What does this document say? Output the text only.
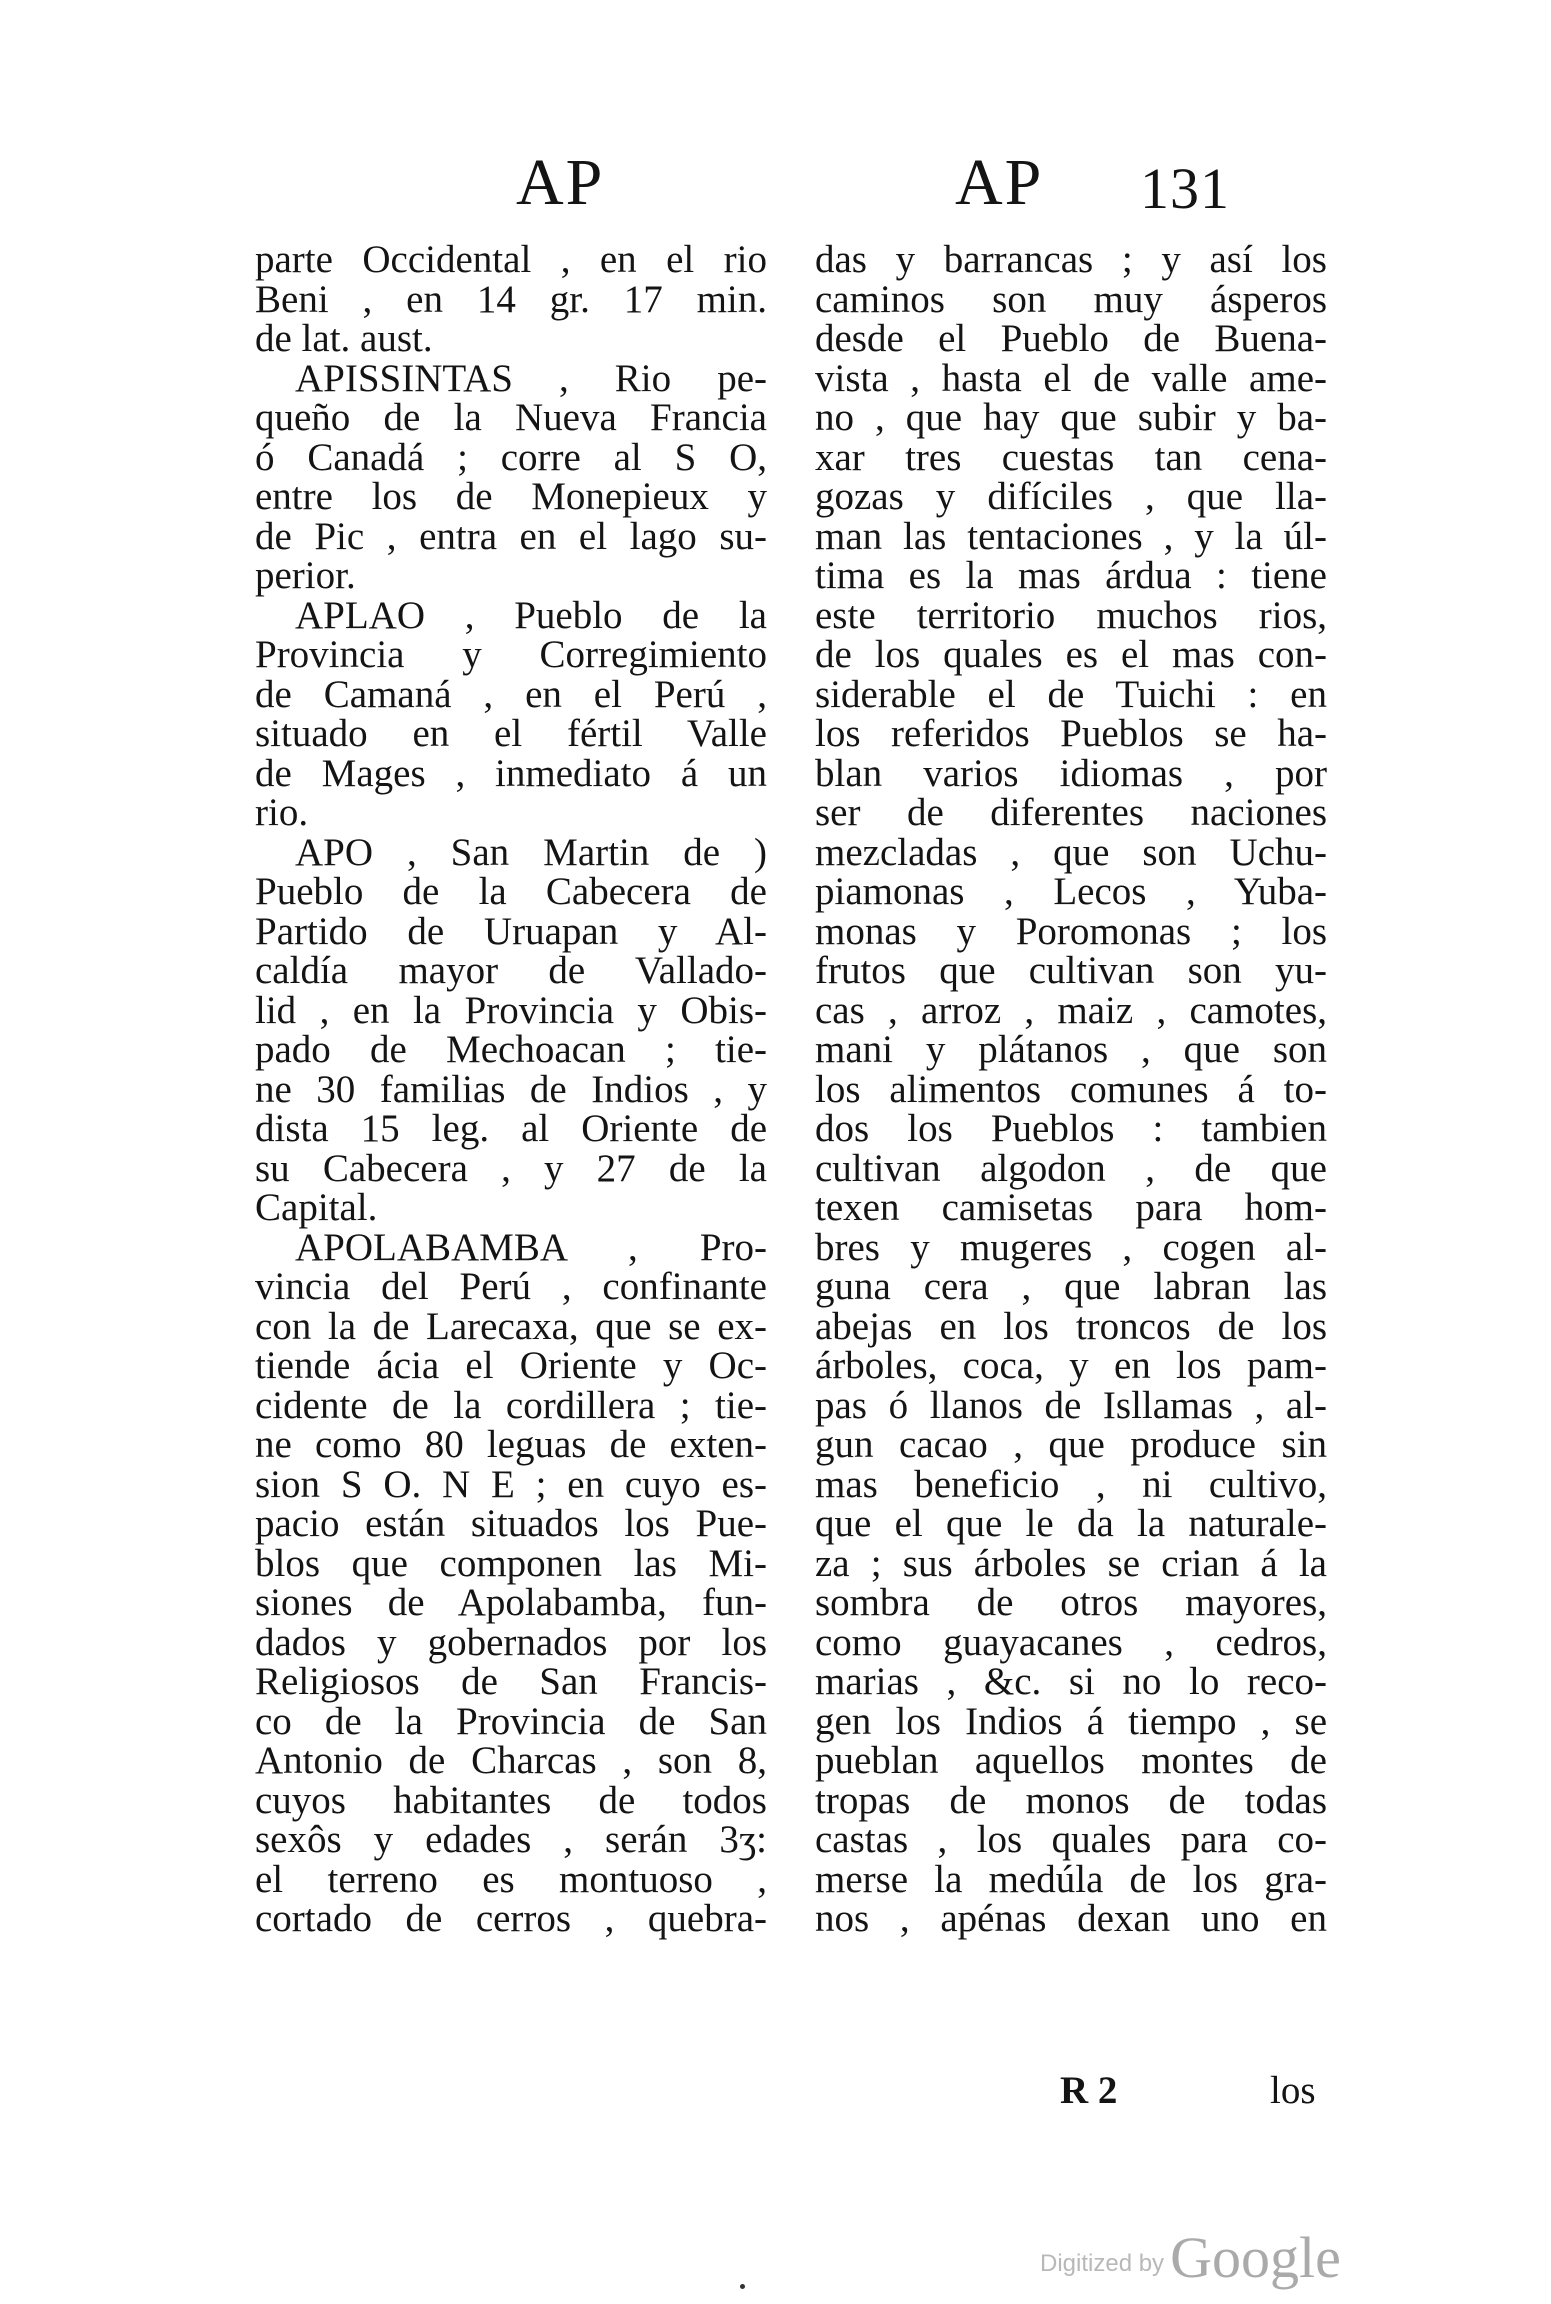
AP	AP 131
parte Occidental , en el rio
Beni , en 14 gr. 17 min.
de lat. aust.
APISSINTAS , Rio pe-
queño de la Nueva Francia
ó Canadá ; corre al S O,
entre los de Monepieux y
de Pic , entra en el lago su-
perior.
APLAO , Pueblo de la
Provincia y Corregimiento
de Camaná , en el Perú ,
situado en el fértil Valle
de Mages , inmediato á un
rio.
APO , San Martin de )
Pueblo de la Cabecera de
Partido de Uruapan y Al-
caldía mayor de Vallado-
lid , en la Provincia y Obis-
pado de Mechoacan ; tie-
ne 30 familias de Indios , y
dista 15 leg. al Oriente de
su Cabecera , y 27 de la
Capital.
APOLABAMBA , Pro-
vincia del Perú , confinante
con la de Larecaxa, que se ex-
tiende ácia el Oriente y Oc-
cidente de la cordillera ; tie-
ne como 80 leguas de exten-
sion S O. N E ; en cuyo es-
pacio están situados los Pue-
blos que componen las Mi-
siones de Apolabamba, fun-
dados y gobernados por los
Religiosos de San Francis-
co de la Provincia de San
Antonio de Charcas , son 8,
cuyos habitantes de todos
sexôs y edades , serán 3ʒ:
el terreno es montuoso ,
cortado de cerros , quebra-
das y barrancas ; y así los
caminos son muy ásperos
desde el Pueblo de Buena-
vista , hasta el de valle ame-
no , que hay que subir y ba-
xar tres cuestas tan cena-
gozas y difíciles , que lla-
man las tentaciones , y la úl-
tima es la mas árdua : tiene
este territorio muchos rios,
de los quales es el mas con-
siderable el de Tuichi : en
los referidos Pueblos se ha-
blan varios idiomas , por
ser de diferentes naciones
mezcladas , que son Uchu-
piamonas , Lecos , Yuba-
monas y Poromonas ; los
frutos que cultivan son yu-
cas , arroz , maiz , camotes,
mani y plátanos , que son
los alimentos comunes á to-
dos los Pueblos : tambien
cultivan algodon , de que
texen camisetas para hom-
bres y mugeres , cogen al-
guna cera , que labran las
abejas en los troncos de los
árboles, coca, y en los pam-
pas ó llanos de Isllamas , al-
gun cacao , que produce sin
mas beneficio , ni cultivo,
que el que le da la naturale-
za ; sus árboles se crian á la
sombra de otros mayores,
como guayacanes , cedros,
marias , &c. si no lo reco-
gen los Indios á tiempo , se
pueblan aquellos montes de
tropas de monos de todas
castas , los quales para co-
merse la medúla de los gra-
nos , apénas dexan uno en
R 2	los
Digitized by Google
